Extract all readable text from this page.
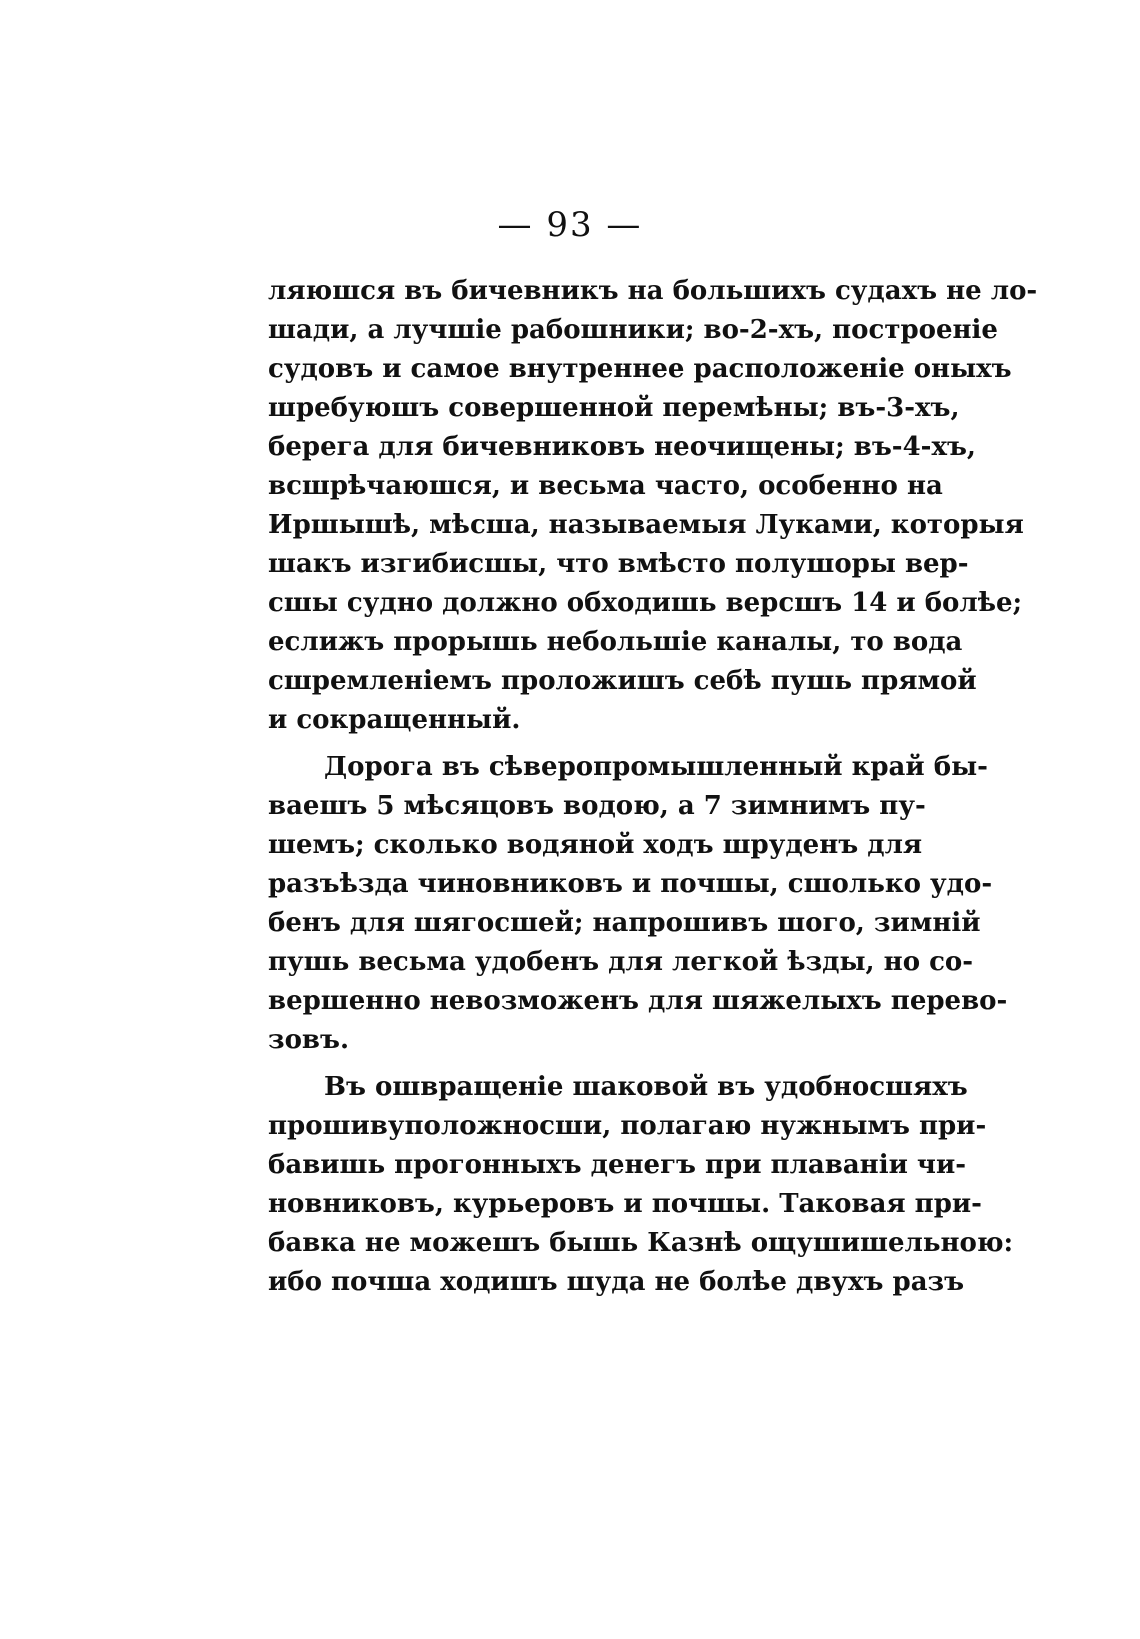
— 93 —
ляюшся въ бичевникъ на большихъ судахъ не ло-
шади, а лучшіе рабошники; во-2-хъ, построеніе
судовъ и самое внутреннее расположеніе оныхъ
шребуюшъ совершенной перемѣны; въ-3-хъ,
берега для бичевниковъ неочищены; въ-4-хъ,
всшрѣчаюшся, и весьма часто, особенно на
Иршышѣ, мѣсша, называемыя Луками, которыя
шакъ изгибисшы, что вмѣсто полушоры вер-
сшы судно должно обходишь версшъ 14 и болѣе;
еслижъ прорышь небольшіе каналы, то вода
сшремленіемъ проложишъ себѣ пушь прямой
и сокращенный.
Дорога въ сѣверопромышленный край бы-
ваешъ 5 мѣсяцовъ водою, а 7 зимнимъ пу-
шемъ; сколько водяной ходъ шруденъ для
разъѣзда чиновниковъ и почшы, сшолько удо-
бенъ для шягосшей; напрошивъ шого, зимній
пушь весьма удобенъ для легкой ѣзды, но со-
вершенно невозможенъ для шяжелыхъ перево-
зовъ.
Въ ошвращеніе шаковой въ удобносшяхъ
прошивуположносши, полагаю нужнымъ при-
бавишь прогонныхъ денегъ при плаваніи чи-
новниковъ, курьеровъ и почшы. Таковая при-
бавка не можешъ бышь Казнѣ ощушишельною:
ибо почша ходишъ шуда не болѣе двухъ разъ
